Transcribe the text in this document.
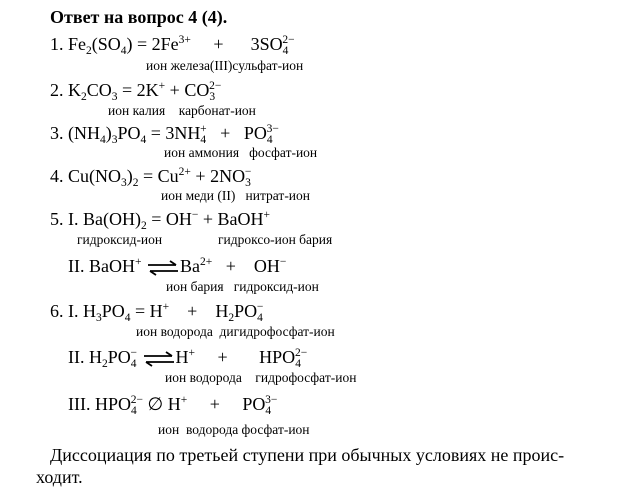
Ответ на вопрос 4 (4).
1. $Fe_2(SO_4) = 2Fe^{3+}$     +      $3SO_4^{2-}$
ион железа(III)сульфат-ион
2. $K_2CO_3 = 2K^+ + CO_3^{2-}$
ион калия    карбонат-ион
3. $(NH_4)_3PO_4 = 3NH_4^+ + PO_4^{3-}$
ион аммония   фосфат-ион
4. $Cu(NO_3)_2 = Cu^{2+} + 2NO_3^-$
ион меди (II)   нитрат-ион
5. I. $Ba(OH)_2 = OH^-$ + BaOH+
гидроксид-ион	гидроксо-ион бария
II. BaOH+ $\rightleftharpoons Ba^{2+}$   +    OH−
ион бария   гидроксид-ион
6. I. $H_3PO_4 = H^+$    +    $H_2PO_4^-$
ион водорода  дигидрофосфат-ион
II. $H_2PO_4^-$ ⇌H+     +       $HPO_4^{2-}$
ион водорода    гидрофосфат-ион
III. $HPO_4^{2-}$ ∅ H+     +     $PO_4^{3-}$
ион  водорода фосфат-ион
Диссоциация по третьей ступени при обычных условиях не проис-
ходит.
